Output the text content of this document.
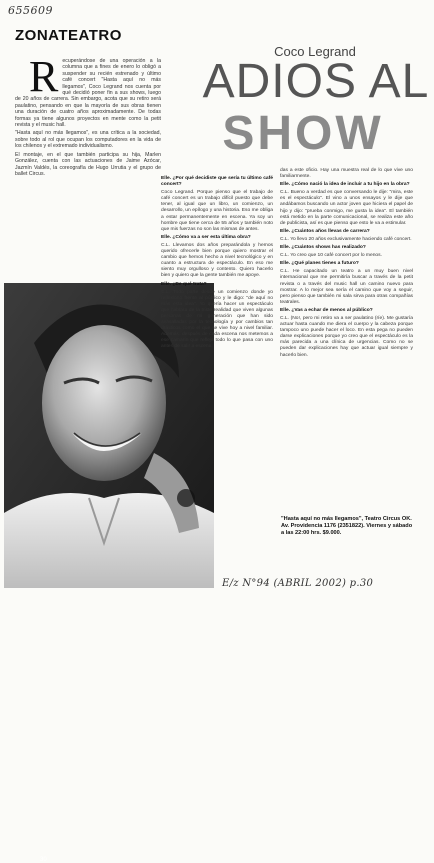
655609
ZONATEATRO
Coco Legrand
ADIOS AL
SHOW

Recuperándose de una operación a la columna que a fines de enero lo obligó a suspender su recién estrenado y último café concert "Hasta aquí no más llegamos", Coco Legrand nos cuenta por qué decidió poner fin a sus shows, luego de 20 años de carrera. Sin embargo, acota que su retiro será paulatino, pensando en que la mayoría de sus obras tienen una duración de cuatro años aproximadamente. De todas formas ya tiene algunos proyectos en mente como la petit revista y el music hall.

"Hasta aquí no más llegamos", es una crítica a la sociedad, sobre todo al rol que ocupan los computadores en la vida de los chilenos y el extremado individualismo.

El montaje, en el que también participa su hija, Marlen González, cuenta con las actuaciones de Jaime Azócar, Jazmín Valdés, la coreografía de Hugo Urrutia y el grupo de ballet Circus.

30

Elle. ¿Por qué decidiste que sería tu último café concert?

Coco Legrand. Porque pienso que el trabajo de café concert es un trabajo difícil puesto que debe tener, al igual que un libro, un comienzo, un desarrollo, un epílogo y una historia. Eso me obliga a estar permanentemente en escena. Ya soy un hombre que tiene cerca de 55 años y también noto que mis fuerzas no son las mismas de antes.

Elle. ¿Cómo va a ser esta última obra?

C.L. Llevamos dos años preparándola y hemos querido ofrecerle bien porque quiero mostrar el cambio que hemos hecho a nivel tecnológico y en cuanto a estructura de espectáculo. En eso me siento muy orgulloso y contento. Quiero hacerlo bien y quiero que la gente también me apoye.

Elle. ¿De qué trata?

C.L. Todo parte desde un comienzo donde yo reflexiono frente al público y le digo: "de aquí no más esta idea". Yo quería hacer un espectáculo que hablara de la triste realidad que viven algunas personas de mi generación que han sido avasalladas por la tecnología y por cambios tan drásticos como el que se vive hoy a nivel familiar. Además, después de cada escena nos metemos a ese camarín que refleja todo lo que pasa con uno antes de salir a escena.

das a este oficio. Hay una muestra real de lo que vive uno familiarmente.

Elle. ¿Cómo nació la idea de incluir a tu hijo en la obra?

C.L. Bueno a verdad es que conversando le dije: "mira, este es el espectáculo". El vino a unos ensayos y le dije que andábamos buscando un actor joven que hiciera el papel de hijo y dijo: "prueba conmigo, me gusta la idea". El también está metido en la parte comunicacional, se realiza este año de publicista, así es que pienso que esto le va a estimular.

Elle. ¿Cuántos años llevas de carrera?

C.L. Yo llevo 20 años exclusivamente haciendo café concert.

Elle. ¿Cuántos shows has realizado?

C.L. Yo creo que 10 café concert por lo menos.

Elle. ¿Qué planes tienes a futuro?

C.L. He capacitado un teatro a un muy buen nivel internacional que me permitiría buscar a través de la petit revista o a través del music hall un camino nuevo para mostrar. A lo mejor sea sería el camino que voy a seguir, pero pienso que también mi sala sirva para otras compañías teatrales.

Elle. ¿Vas a echar de menos al público?

C.L. (No!, pero mi retiro va a ser paulatino (ríe). Me gustaría actuar hasta cuando me diera el cuerpo y la cabeza porque tampoco uno puede hacer el loco. En esta pega no pueden darse explicaciones porque yo creo que el espectáculo es la más parecida a una clínica de urgencias. Como no se pueden dar explicaciones hay que actuar igual siempre y hacerlo bien.

"Hasta aquí no más llegamos", Teatro Circus OK. Av. Providencia 1176 (2351822). Viernes y sábado a las 22:00 hrs. $9.000.
E/z N°94 (ABRIL 2002) p.30
